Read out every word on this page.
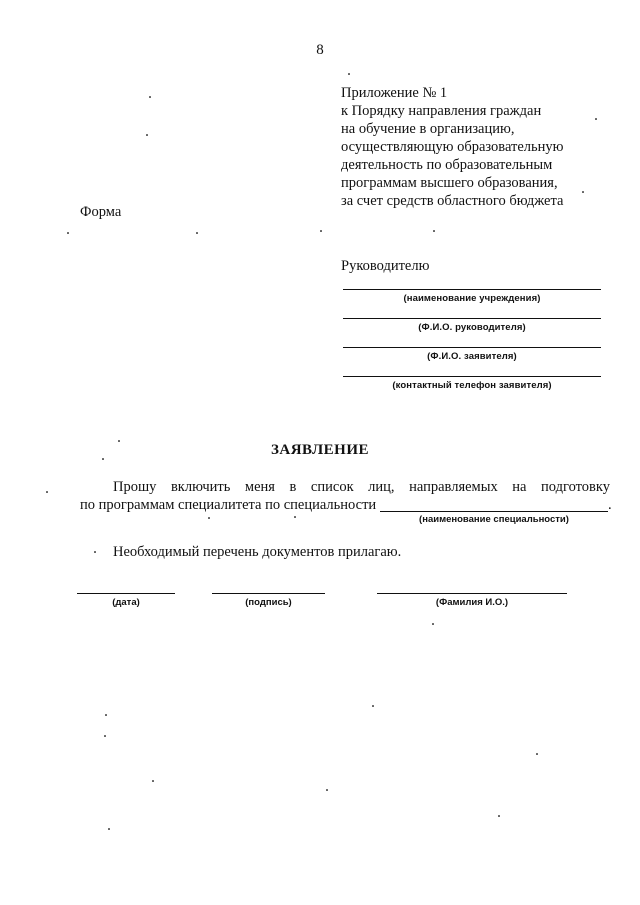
8
Приложение № 1
к Порядку направления граждан
на обучение в организацию,
осуществляющую образовательную
деятельность по образовательным
программам высшего образования,
за счет средств областного бюджета
Форма
Руководителю
(наименование учреждения)
(Ф.И.О. руководителя)
(Ф.И.О. заявителя)
(контактный телефон заявителя)
ЗАЯВЛЕНИЕ
Прошу включить меня в список лиц, направляемых на подготовку
по программам специалитета по специальности	.
(наименование специальности)
Необходимый перечень документов прилагаю.
(дата)	(подпись)	(Фамилия И.О.)
